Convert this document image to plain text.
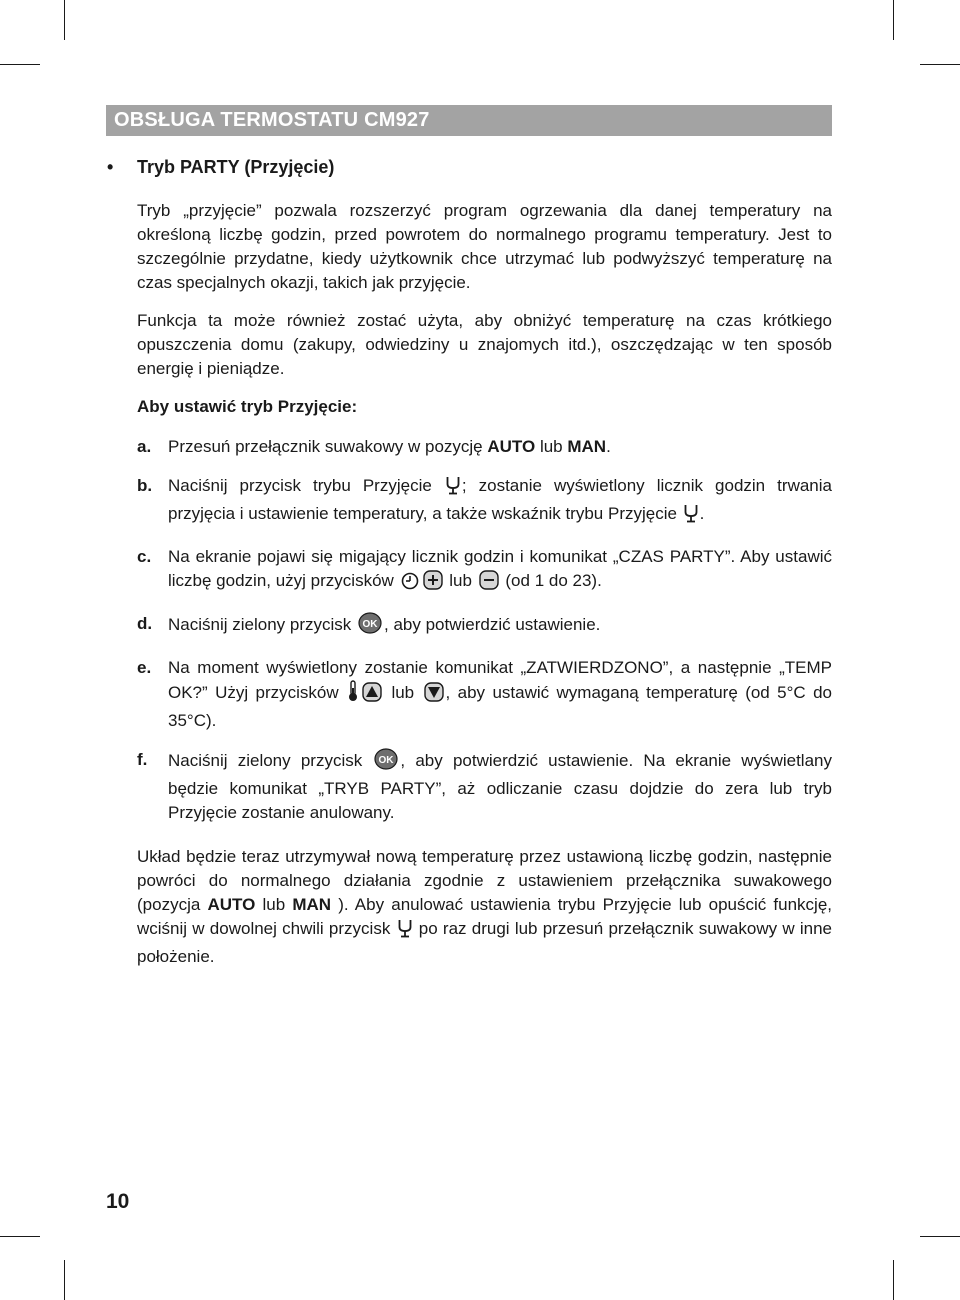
OBSŁUGA TERMOSTATU CM927
• Tryb PARTY (Przyjęcie)

Tryb „przyjęcie” pozwala rozszerzyć program ogrzewania dla danej temperatury na określoną liczbę godzin, przed powrotem do normalnego programu temperatury. Jest to szczególnie przydatne, kiedy użytkownik chce utrzymać lub podwyższyć temperaturę na czas specjalnych okazji, takich jak przyjęcie.

Funkcja ta może również zostać użyta, aby obniżyć temperaturę na czas krótkiego opuszczenia domu (zakupy, odwiedziny u znajomych itd.), oszczędzając w ten sposób energię i pieniądze.

Aby ustawić tryb Przyjęcie:
a. Przesuń przełącznik suwakowy w pozycję AUTO lub MAN.
b. Naciśnij przycisk trybu Przyjęcie ; zostanie wyświetlony licznik godzin trwania przyjęcia i ustawienie temperatury, a także wskaźnik trybu Przyjęcie .
c. Na ekranie pojawi się migający licznik godzin i komunikat „CZAS PARTY”. Aby ustawić liczbę godzin, użyj przycisków	lub  (od 1 do 23).
d. Naciśnij zielony przycisk OK , aby potwierdzić ustawienie.
e. Na moment wyświetlony zostanie komunikat „ZATWIERDZONO”, a następnie „TEMP OK?” Użyj przycisków  lub , aby ustawić wymaganą temperaturę (od 5°C do 35°C).
f.	Naciśnij zielony przycisk OK , aby potwierdzić ustawienie. Na ekranie wyświetlany będzie komunikat „TRYB PARTY”, aż odliczanie czasu dojdzie do zera lub tryb Przyjęcie zostanie anulowany.

Układ będzie teraz utrzymywał nową temperaturę przez ustawioną liczbę godzin, następnie powróci do normalnego działania zgodnie z ustawieniem przełącznika suwakowego (pozycja AUTO lub MAN ). Aby anulować ustawienia trybu Przyjęcie lub opuścić funkcję, wciśnij w dowolnej chwili przycisk  po raz drugi lub przesuń przełącznik suwakowy w inne położenie.

10
